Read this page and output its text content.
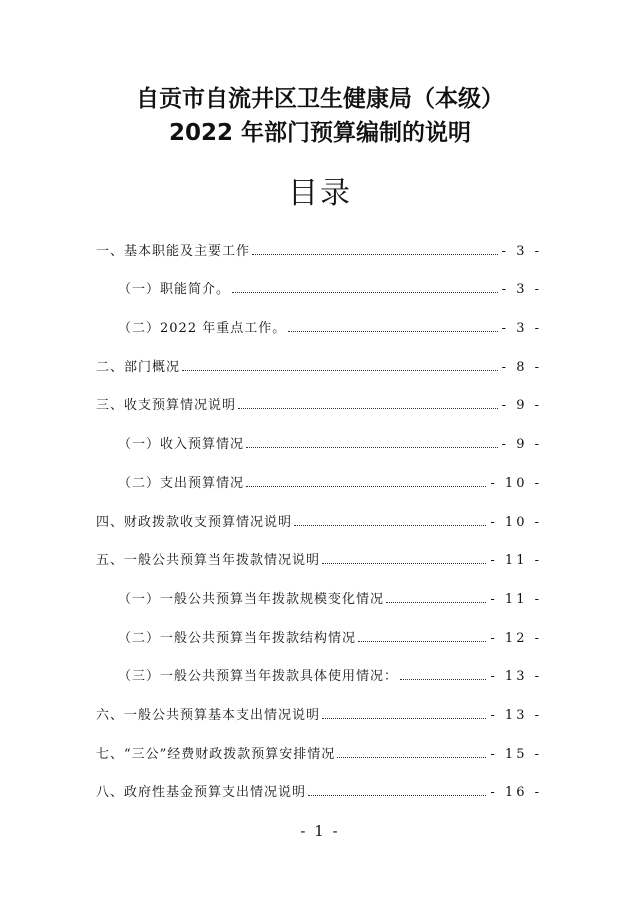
自贡市自流井区卫生健康局（本级）
2022 年部门预算编制的说明
目录
一、基本职能及主要工作	- 3 -
（一）职能简介。	- 3 -
（二）2022 年重点工作。	- 3 -
二、部门概况	- 8 -
三、收支预算情况说明	- 9 -
（一）收入预算情况	- 9 -
（二）支出预算情况	- 10 -
四、财政拨款收支预算情况说明	- 10 -
五、一般公共预算当年拨款情况说明	- 11 -
（一）一般公共预算当年拨款规模变化情况	- 11 -
（二）一般公共预算当年拨款结构情况	- 12 -
（三）一般公共预算当年拨款具体使用情况：	- 13 -
六、一般公共预算基本支出情况说明	- 13 -
七、“三公”经费财政拨款预算安排情况	- 15 -
八、政府性基金预算支出情况说明	- 16 -
- 1 -
